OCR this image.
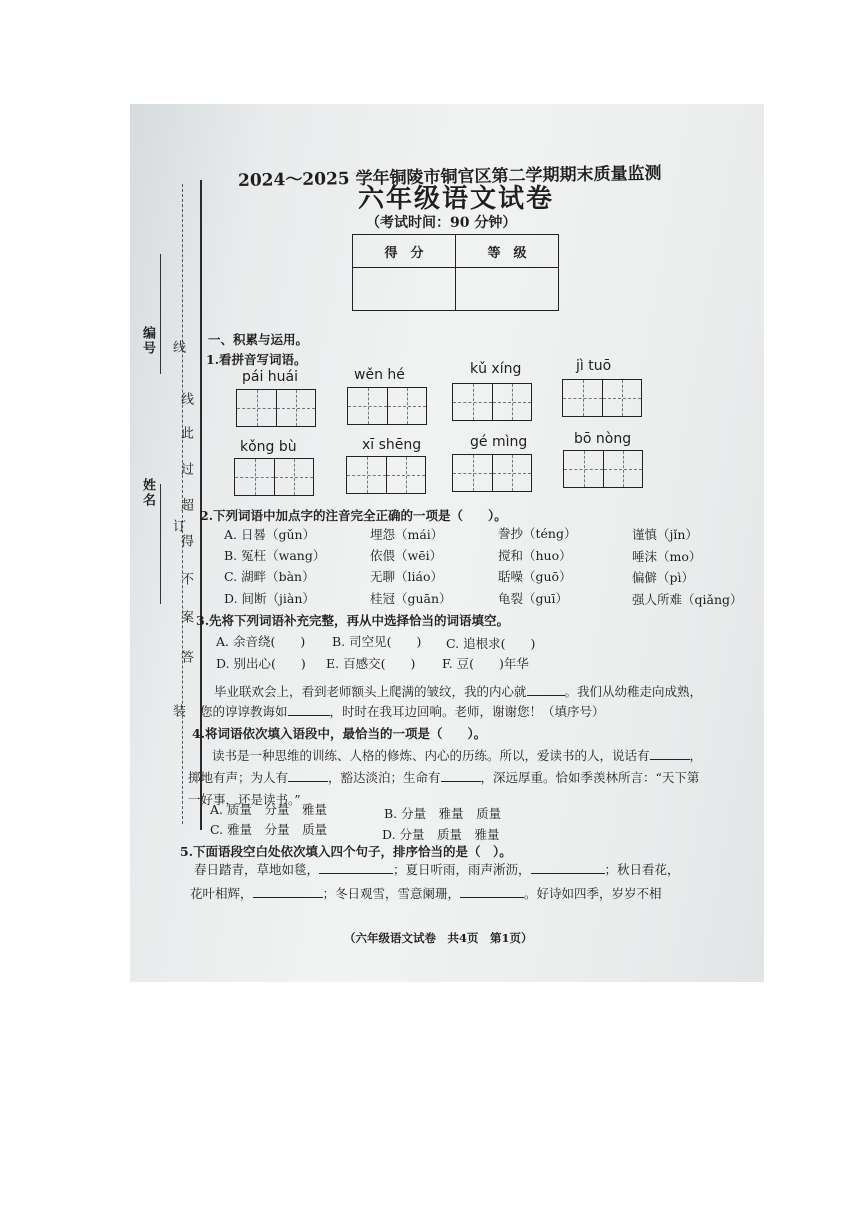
编号
姓名
线
订
装
线
此
过
超
得
不
案
答
2024～2025 学年铜陵市铜官区第二学期期末质量监测
六年级语文试卷
（考试时间：90 分钟）
得　分	等　级

一、积累与运用。
1.看拼音写词语。
pái huái	wěn hé	kǔ xíng	jì tuō
kǒng bù	xī shēng	gé mìng	bō nòng
2.下列词语中加点字的注音完全正确的一项是（　　）。
A. 日晷（gǔn）	埋怨（mái）	誊抄（téng）	谨慎（jǐn）
B. 冤枉（wang）	依偎（wēi）	搅和（huo）	唾沫（mo）
C. 湖畔（bàn）	无聊（liáo）	聒噪（guō）	偏僻（pì）
D. 间断（jiàn）	桂冠（guān）	龟裂（guī）	强人所难（qiǎng）
3.先将下列词语补充完整，再从中选择恰当的词语填空。
A. 余音绕(　　) B. 司空见(　　) C. 追根求(　　)
D. 别出心(　　) E. 百感交(　　) F. 豆(　　)年华
毕业联欢会上，看到老师额头上爬满的皱纹，我的内心就	。我们从幼稚走向成熟，
您的谆谆教诲如	，时时在我耳边回响。老师，谢谢您！（填序号）
4.将词语依次填入语段中，最恰当的一项是（　　）。
读书是一种思维的训练、人格的修炼、内心的历练。所以，爱读书的人，说话有	，
掷地有声；为人有	，豁达淡泊；生命有	，深远厚重。恰如季羡林所言：“天下第
一好事，还是读书。”
A. 质量　分量　雅量	B. 分量　雅量　质量
C. 雅量　分量　质量	D. 分量　质量　雅量
5.下面语段空白处依次填入四个句子，排序恰当的是（　）。
春日踏青，草地如毯，	；夏日听雨，雨声淅沥，	；秋日看花，
花叶相辉，	；冬日观雪，雪意阑珊，	。好诗如四季，岁岁不相
（六年级语文试卷　共4页　第1页）
